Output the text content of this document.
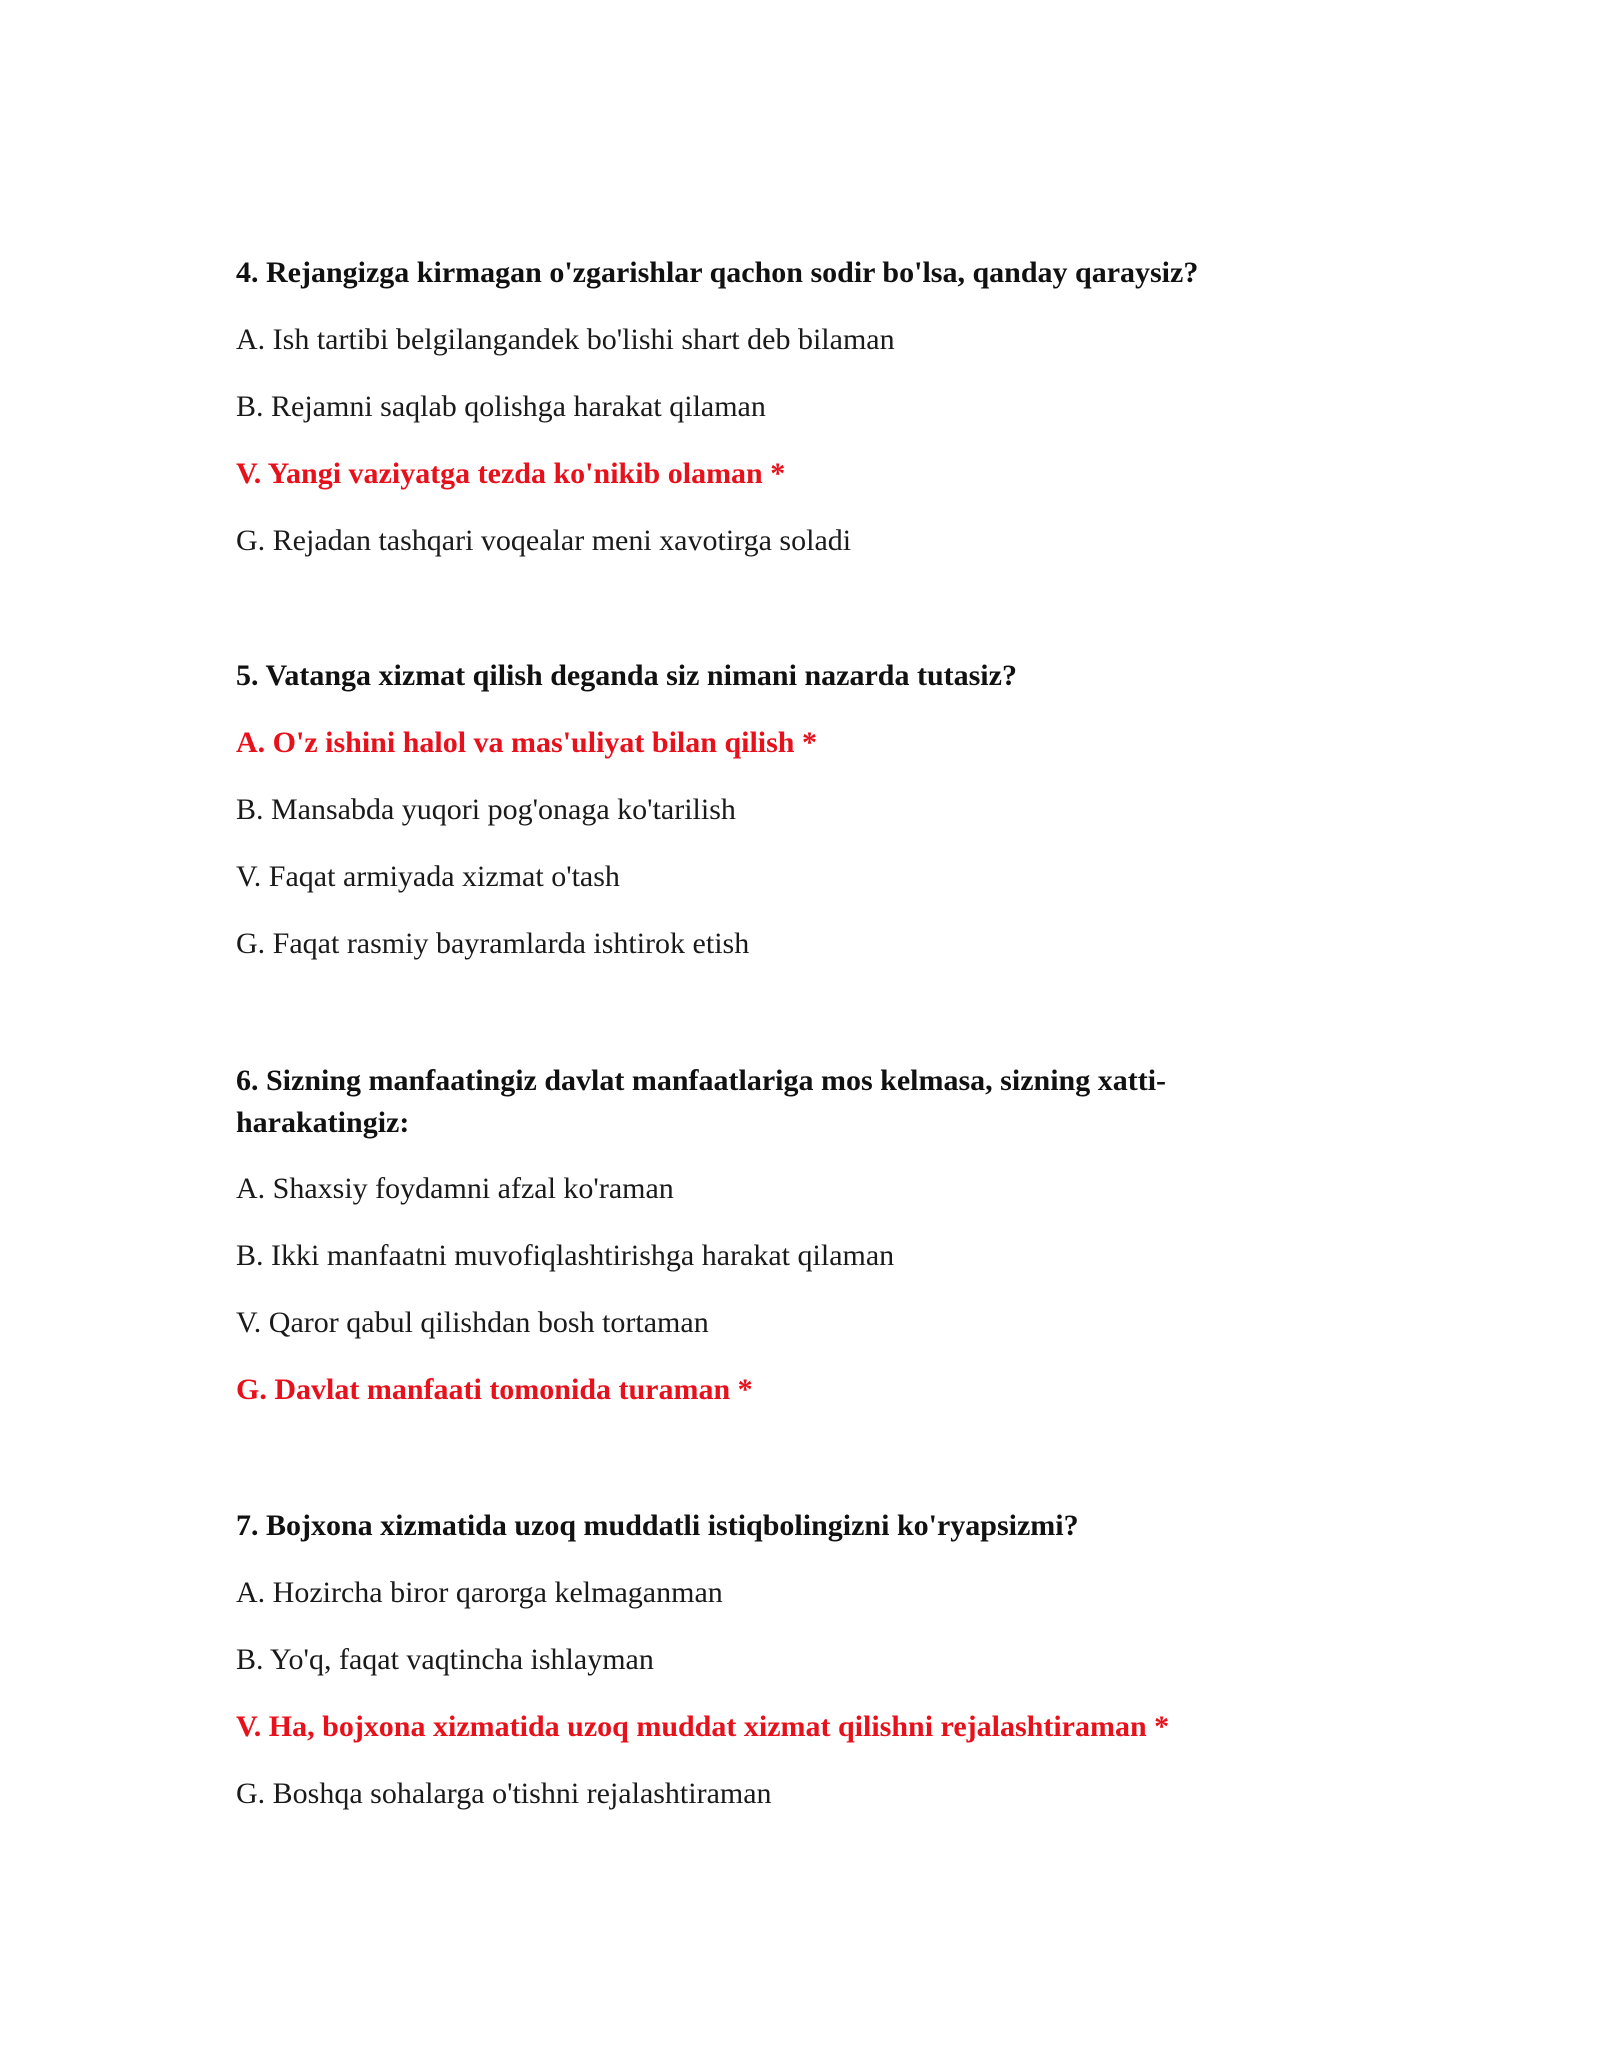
4. Rejangizga kirmagan o'zgarishlar qachon sodir bo'lsa, qanday qaraysiz?

A. Ish tartibi belgilangandek bo'lishi shart deb bilaman

B. Rejamni saqlab qolishga harakat qilaman

V. Yangi vaziyatga tezda ko'nikib olaman *

G. Rejadan tashqari voqealar meni xavotirga soladi

5. Vatanga xizmat qilish deganda siz nimani nazarda tutasiz?

A. O'z ishini halol va mas'uliyat bilan qilish *

B. Mansabda yuqori pog'onaga ko'tarilish

V. Faqat armiyada xizmat o'tash

G. Faqat rasmiy bayramlarda ishtirok etish

6. Sizning manfaatingiz davlat manfaatlariga mos kelmasa, sizning xatti-harakatingiz:

A. Shaxsiy foydamni afzal ko'raman

B. Ikki manfaatni muvofiqlashtirishga harakat qilaman

V. Qaror qabul qilishdan bosh tortaman

G. Davlat manfaati tomonida turaman *

7. Bojxona xizmatida uzoq muddatli istiqbolingizni ko'ryapsizmi?

A. Hozircha biror qarorga kelmaganman

B. Yo'q, faqat vaqtincha ishlayman

V. Ha, bojxona xizmatida uzoq muddat xizmat qilishni rejalashtiraman *

G. Boshqa sohalarga o'tishni rejalashtiraman
